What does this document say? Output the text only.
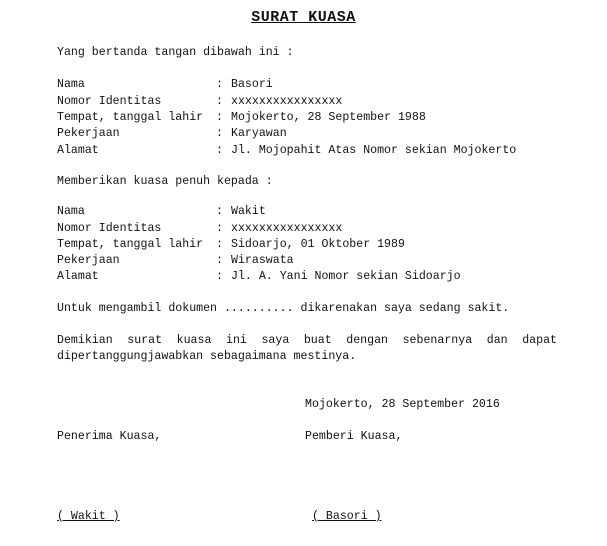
SURAT KUASA
Yang bertanda tangan dibawah ini :
Nama	: Basori
Nomor Identitas	: xxxxxxxxxxxxxxxx
Tempat, tanggal lahir : Mojokerto, 28 September 1988
Pekerjaan	: Karyawan
Alamat	: Jl. Mojopahit Atas Nomor sekian Mojokerto
Memberikan kuasa penuh kepada :
Nama	: Wakit
Nomor Identitas	: xxxxxxxxxxxxxxxx
Tempat, tanggal lahir : Sidoarjo, 01 Oktober 1989
Pekerjaan	: Wiraswata
Alamat	: Jl. A. Yani Nomor sekian Sidoarjo
Untuk mengambil dokumen .......... dikarenakan saya sedang sakit.
Demikian surat kuasa ini saya buat dengan sebenarnya dan dapat
dipertanggungjawabkan sebagaimana mestinya.
Mojokerto, 28 September 2016
Penerima Kuasa,	Pemberi Kuasa,
( Wakit )	( Basori )
